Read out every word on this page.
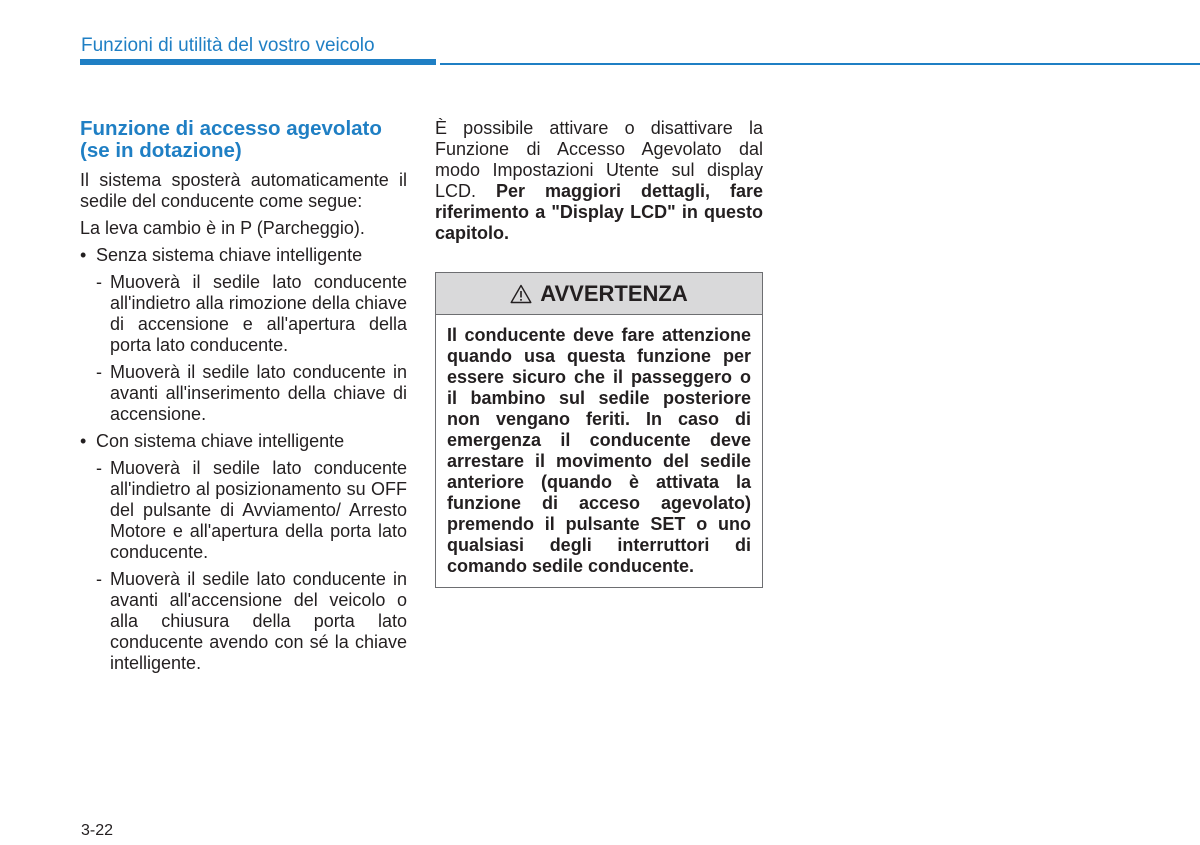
Funzioni di utilità del vostro veicolo
Funzione di accesso agevolato (se in dotazione)

Il sistema sposterà automaticamente il sedile del conducente come segue:

La leva cambio è in P (Parcheggio).

• Senza sistema chiave intelligente
- Muoverà il sedile lato conducente all'indietro alla rimozione della chiave di accensione e all'apertura della porta lato conducente.
- Muoverà il sedile lato conducente in avanti all'inserimento della chiave di accensione.
• Con sistema chiave intelligente
- Muoverà il sedile lato conducente all'indietro al posizionamento su OFF del pulsante di Avviamento/ Arresto Motore e all'apertura della porta lato conducente.
- Muoverà il sedile lato conducente in avanti all'accensione del veicolo o alla chiusura della porta lato conducente avendo con sé la chiave intelligente.

È possibile attivare o disattivare la Funzione di Accesso Agevolato dal modo Impostazioni Utente sul display LCD. Per maggiori dettagli, fare riferimento a "Display LCD" in questo capitolo.

AVVERTENZA
Il conducente deve fare attenzione quando usa questa funzione per essere sicuro che il passeggero o il bambino sul sedile posteriore non vengano feriti. In caso di emergenza il conducente deve arrestare il movimento del sedile anteriore (quando è attivata la funzione di acceso agevolato) premendo il pulsante SET o uno qualsiasi degli interruttori di comando sedile conducente.
3-22
